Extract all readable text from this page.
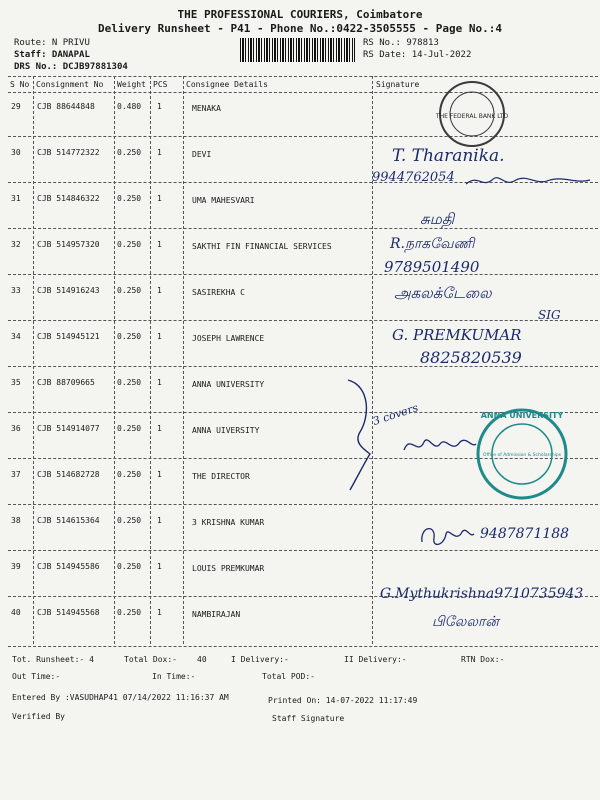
THE PROFESSIONAL COURIERS, Coimbatore
Delivery Runsheet - P41 - Phone No.:0422-3505555 - Page No.:4
Route: N PRIVU
Staff: DANAPAL
DRS No.: DCJB97881304
RS No.: 978813
RS Date: 14-Jul-2022
S No Consignment No Weight PCS Consignee Details	Signature
29 CJB 88644848	0.480 1	MENAKA
30 CJB 514772322 0.250 1	DEVI
31 CJB 514846322 0.250 1	UMA MAHESVARI
32 CJB 514957320 0.250 1	SAKTHI FIN FINANCIAL SERVICES
33 CJB 514916243 0.250 1	SASIREKHA C
34 CJB 514945121 0.250 1	JOSEPH LAWRENCE
35 CJB 88709665	0.250 1	ANNA UNIVERSITY
36 CJB 514914077 0.250 1	ANNA UIVERSITY
37 CJB 514682728 0.250 1	THE DIRECTOR
38 CJB 514615364 0.250 1	3 KRISHNA KUMAR
39 CJB 514945586 0.250 1	LOUIS PREMKUMAR
40 CJB 514945568 0.250 1	NAMBIRAJAN
T. Tharanika.
9944762054
சுமதி
R.நாகவேணி
9789501490
அகலக்டேலை
SIG
G. PREMKUMAR
8825820539
3 covers
9487871188
G.Mythukrishna9710735943
பிலேலான்
THE FEDERAL BANK LTD
ANNA UNIVERSITY
Office of Admission & Scholarships
Tot. Runsheet:- 4	Total Dox:-	40	I Delivery:-	II Delivery:-	RTN Dox:-
Out Time:-	In Time:-	Total POD:-
Entered By :VASUDHAP41 07/14/2022 11:16:37 AM	Printed On: 14-07-2022 11:17:49
Verified By	Staff Signature
